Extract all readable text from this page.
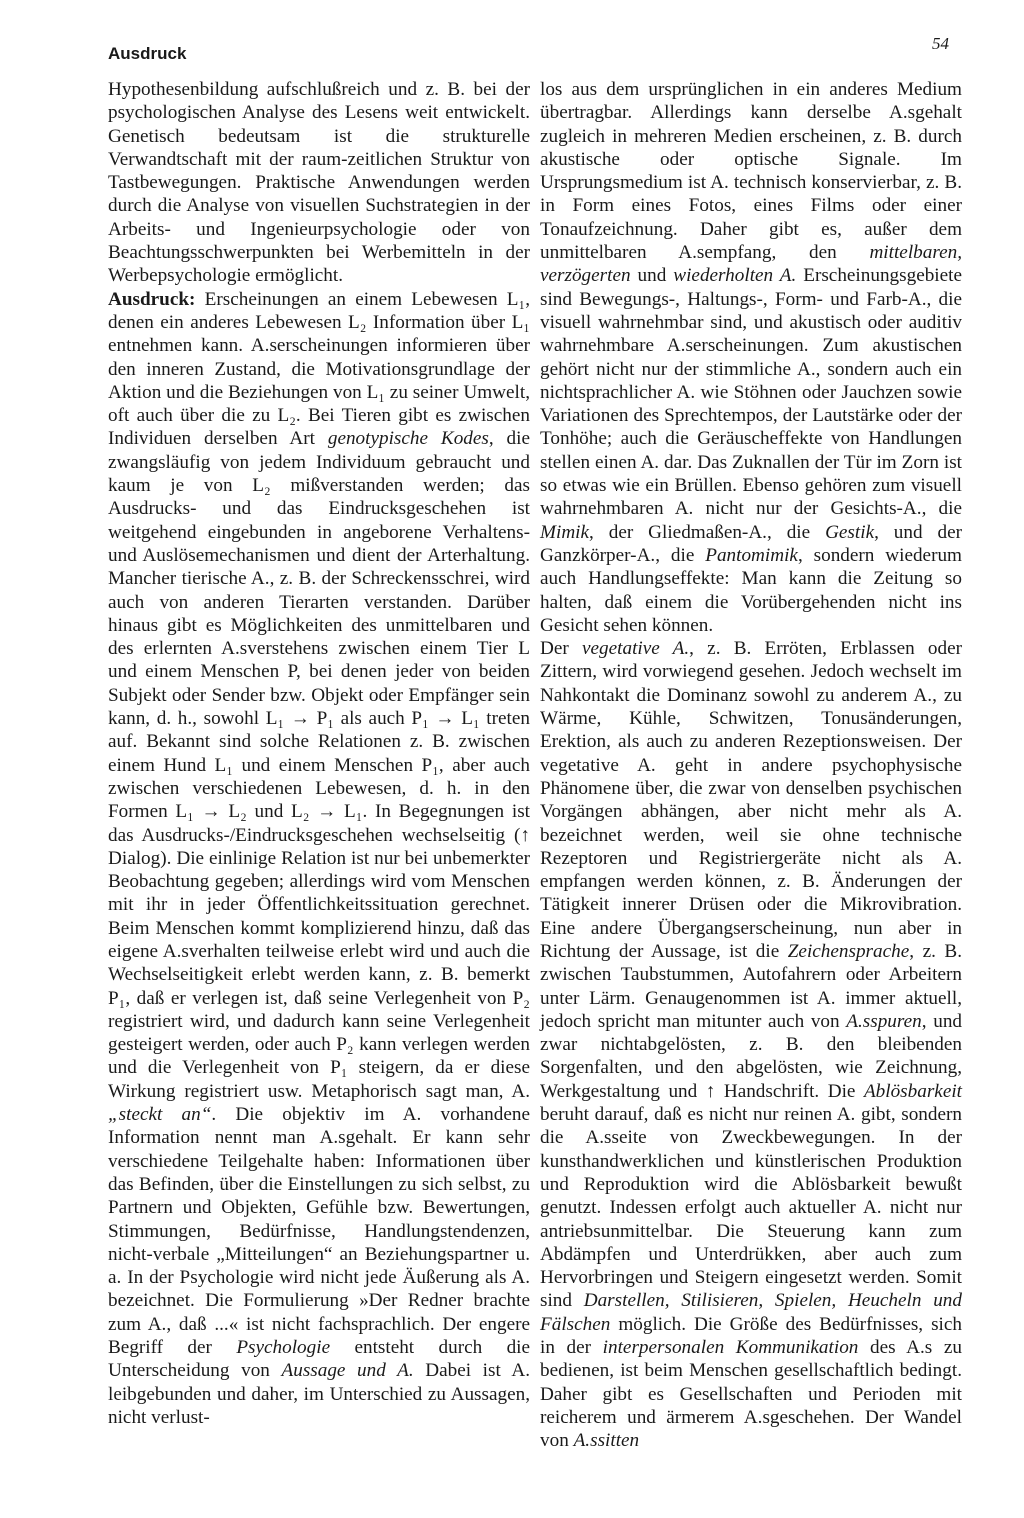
Ausdruck
54

Hypothesenbildung aufschlußreich und z. B. bei der psychologischen Analyse des Lesens weit entwickelt. Genetisch bedeutsam ist die strukturelle Verwandtschaft mit der raum-zeitlichen Struktur von Tastbewegungen. Praktische Anwendungen werden durch die Analyse von visuellen Suchstrategien in der Arbeits- und Ingenieurpsychologie oder von Beachtungsschwerpunkten bei Werbemitteln in der Werbepsychologie ermöglicht.

Ausdruck: Erscheinungen an einem Lebewesen L₁, denen ein anderes Lebewesen L₂ Information über L₁ entnehmen kann. A.serscheinungen informieren über den inneren Zustand, die Motivationsgrundlage der Aktion und die Beziehungen von L₁ zu seiner Umwelt, oft auch über die zu L₂. Bei Tieren gibt es zwischen Individuen derselben Art genotypische Kodes, die zwangsläufig von jedem Individuum gebraucht und kaum je von L₂ mißverstanden werden; das Ausdrucks- und das Eindrucksgeschehen ist weitgehend eingebunden in angeborene Verhaltens- und Auslösemechanismen und dient der Arterhaltung. Mancher tierische A., z. B. der Schreckensschrei, wird auch von anderen Tierarten verstanden. Darüber hinaus gibt es Möglichkeiten des unmittelbaren und des erlernten A.sverstehens zwischen einem Tier L und einem Menschen P, bei denen jeder von beiden Subjekt oder Sender bzw. Objekt oder Empfänger sein kann, d. h., sowohl L₁ → P₁ als auch P₁ → L₁ treten auf. Bekannt sind solche Relationen z. B. zwischen einem Hund L₁ und einem Menschen P₁, aber auch zwischen verschiedenen Lebewesen, d. h. in den Formen L₁ → L₂ und L₂ → L₁. In Begegnungen ist das Ausdrucks-/Eindrucksgeschehen wechselseitig (↑ Dialog). Die einlinige Relation ist nur bei unbemerkter Beobachtung gegeben; allerdings wird vom Menschen mit ihr in jeder Öffentlichkeitssituation gerechnet. Beim Menschen kommt komplizierend hinzu, daß das eigene A.sverhalten teilweise erlebt wird und auch die Wechselseitigkeit erlebt werden kann, z. B. bemerkt P₁, daß er verlegen ist, daß seine Verlegenheit von P₂ registriert wird, und dadurch kann seine Verlegenheit gesteigert werden, oder auch P₂ kann verlegen werden und die Verlegenheit von P₁ steigern, da er diese Wirkung registriert usw. Metaphorisch sagt man, A. „steckt an“. Die objektiv im A. vorhandene Information nennt man A.sgehalt. Er kann sehr verschiedene Teilgehalte haben: Informationen über das Befinden, über die Einstellungen zu sich selbst, zu Partnern und Objekten, Gefühle bzw. Bewertungen, Stimmungen, Bedürfnisse, Handlungstendenzen, nicht-verbale „Mitteilungen“ an Beziehungspartner u. a. In der Psychologie wird nicht jede Äußerung als A. bezeichnet. Die Formulierung »Der Redner brachte zum A., daß ...« ist nicht fachsprachlich. Der engere Begriff der Psychologie entsteht durch die Unterscheidung von Aussage und A. Dabei ist A. leibgebunden und daher, im Unterschied zu Aussagen, nicht verlust-

los aus dem ursprünglichen in ein anderes Medium übertragbar. Allerdings kann derselbe A.sgehalt zugleich in mehreren Medien erscheinen, z. B. durch akustische oder optische Signale. Im Ursprungsmedium ist A. technisch konservierbar, z. B. in Form eines Fotos, eines Films oder einer Tonaufzeichnung. Daher gibt es, außer dem unmittelbaren A.sempfang, den mittelbaren, verzögerten und wiederholten A. Erscheinungsgebiete sind Bewegungs-, Haltungs-, Form- und Farb-A., die visuell wahrnehmbar sind, und akustisch oder auditiv wahrnehmbare A.serscheinungen. Zum akustischen gehört nicht nur der stimmliche A., sondern auch ein nichtsprachlicher A. wie Stöhnen oder Jauchzen sowie Variationen des Sprechtempos, der Lautstärke oder der Tonhöhe; auch die Geräuscheffekte von Handlungen stellen einen A. dar. Das Zuknallen der Tür im Zorn ist so etwas wie ein Brüllen. Ebenso gehören zum visuell wahrnehmbaren A. nicht nur der Gesichts-A., die Mimik, der Gliedmaßen-A., die Gestik, und der Ganzkörper-A., die Pantomimik, sondern wiederum auch Handlungseffekte: Man kann die Zeitung so halten, daß einem die Vorübergehenden nicht ins Gesicht sehen können.

Der vegetative A., z. B. Erröten, Erblassen oder Zittern, wird vorwiegend gesehen. Jedoch wechselt im Nahkontakt die Dominanz sowohl zu anderem A., zu Wärme, Kühle, Schwitzen, Tonusänderungen, Erektion, als auch zu anderen Rezeptionsweisen. Der vegetative A. geht in andere psychophysische Phänomene über, die zwar von denselben psychischen Vorgängen abhängen, aber nicht mehr als A. bezeichnet werden, weil sie ohne technische Rezeptoren und Registriergeräte nicht als A. empfangen werden können, z. B. Änderungen der Tätigkeit innerer Drüsen oder die Mikrovibration. Eine andere Übergangserscheinung, nun aber in Richtung der Aussage, ist die Zeichensprache, z. B. zwischen Taubstummen, Autofahrern oder Arbeitern unter Lärm. Genaugenommen ist A. immer aktuell, jedoch spricht man mitunter auch von A.sspuren, und zwar nichtabgelösten, z. B. den bleibenden Sorgenfalten, und den abgelösten, wie Zeichnung, Werkgestaltung und ↑ Handschrift. Die Ablösbarkeit beruht darauf, daß es nicht nur reinen A. gibt, sondern die A.sseite von Zweckbewegungen. In der kunsthandwerklichen und künstlerischen Produktion und Reproduktion wird die Ablösbarkeit bewußt genutzt. Indessen erfolgt auch aktueller A. nicht nur antriebsunmittelbar. Die Steuerung kann zum Abdämpfen und Unterdrükken, aber auch zum Hervorbringen und Steigern eingesetzt werden. Somit sind Darstellen, Stilisieren, Spielen, Heucheln und Fälschen möglich. Die Größe des Bedürfnisses, sich in der interpersonalen Kommunikation des A.s zu bedienen, ist beim Menschen gesellschaftlich bedingt. Daher gibt es Gesellschaften und Perioden mit reicherem und ärmerem A.sgeschehen. Der Wandel von A.ssitten
